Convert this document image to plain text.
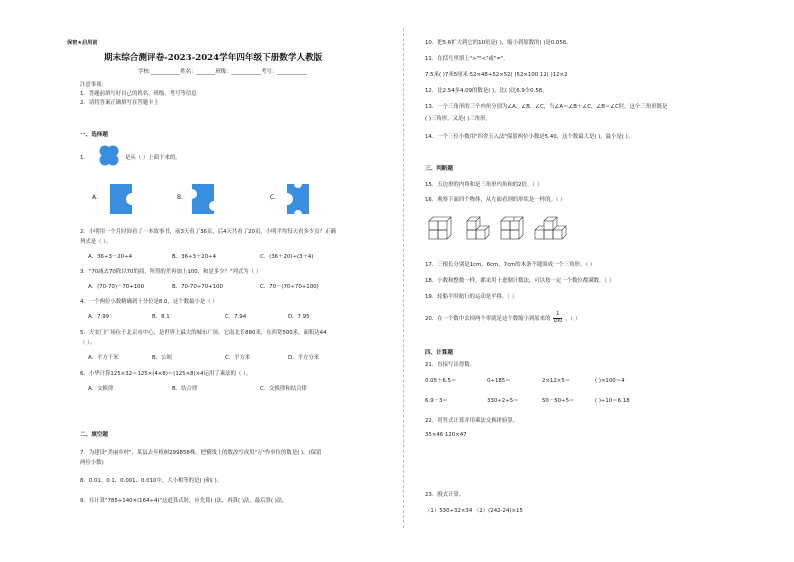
保密★启用前
期末综合测评卷-2023-2024学年四年级下册数学人教版
学校:___________姓名：_______班级：___________考号：___________
注意事项：
1．答题前填写好自己的姓名、班级、考号等信息
2．请将答案正确填写在答题卡上
一、选择题
1．	是从（ ）上面下来的。
A．	B．	C．
2．小明用一个月时间看了一本故事书，前3天看了36页，后4天共看了20页，小明平均每天看多少页？正确
列式是（ ）。
A．36÷3－20÷4	B．36÷3＋20÷4	C．(36＋20)÷(3＋4)
3．"70减去70除以70的商，所得的差再加上100，和是多少？"列式为（ ）
A．(70-70)－70+100	B．70-70÷70+100	C．70－(70÷70+100)
4．一个两位小数精确到十分位是8.0，这个数最小是（ ）
A．7.99	B．8.1	C．7.94	D．7.95
5．天安门广场位于北京市中心，是世界上最大的城市广场。它南北长880米，东西宽500米，面积达44
（ ）。
A．平方千米	B．公顷	C．平方米	D．平方分米
6．小华计算125×32＝125×(4×8)＝(125×8)×4运用了乘法的（ ）。
A．交换律	B．结合律	C．交换律和结合律
二、填空题
7．为建设"美丽乡村"，某县去年植树299858株。把横线上的数改写成用"万"作单位的数是( )。(保留
两位小数)
8．0.01、0.1、0.001、0.010中，大小相等的是( )和( )。
9．在计算"785+140×(164÷4)"这道算式时，应先算( )法，再算( )法，最后算( )法。
10．把5.6扩大到它的10倍是( )，缩小到原数的( )是0.056。
11．在括号里填上">""<"或"="。
7.5米( )7米5厘米 52×48+52×52( )52×100 12( )12×2
12．比2.54多4.09的数是( )，比( )比6.9少0.58。
13．一个三角形的三个内角分别为∠A、∠B、∠C，当∠A＝∠B＋∠C，∠B＝∠C时，这个三角形既是
( )三角形，又是( )三角形。
14．一个三位小数用"四舍五入法"保留两位小数是5.40，这个数最大是( )，最小是( )。
三、判断题
15．五边形的内角和是三角形内角和的2倍。（ ）
16．观察下面四个物体，从左面看到的形状是一样的。（ ）
17．三根长分别是1cm、6cm、7cm的木条不能围成一个三角形。（ ）
18．小数和整数一样，都采用十进制计数法，可以按一定一个数位都满数。（ ）
19．轮船平时航行的运动是平移。（ ）
20．在一个数中去掉两个零就是这个数缩小到原来的 $\frac{1}{100}$ 。（ ）
四、计算题
21．直接写出得数。
0.05＋6.5＝	0÷185＝	2×12×5＝	( )×100＝4
6.9－3＝	330÷2÷5＝	50－50÷5＝	( )÷10＝6.18
22．用竖式计算并用乘法交换律验算。
35×46 120×47
23．脱式计算。
（1）530÷32×34 （2）(242-24)×15
